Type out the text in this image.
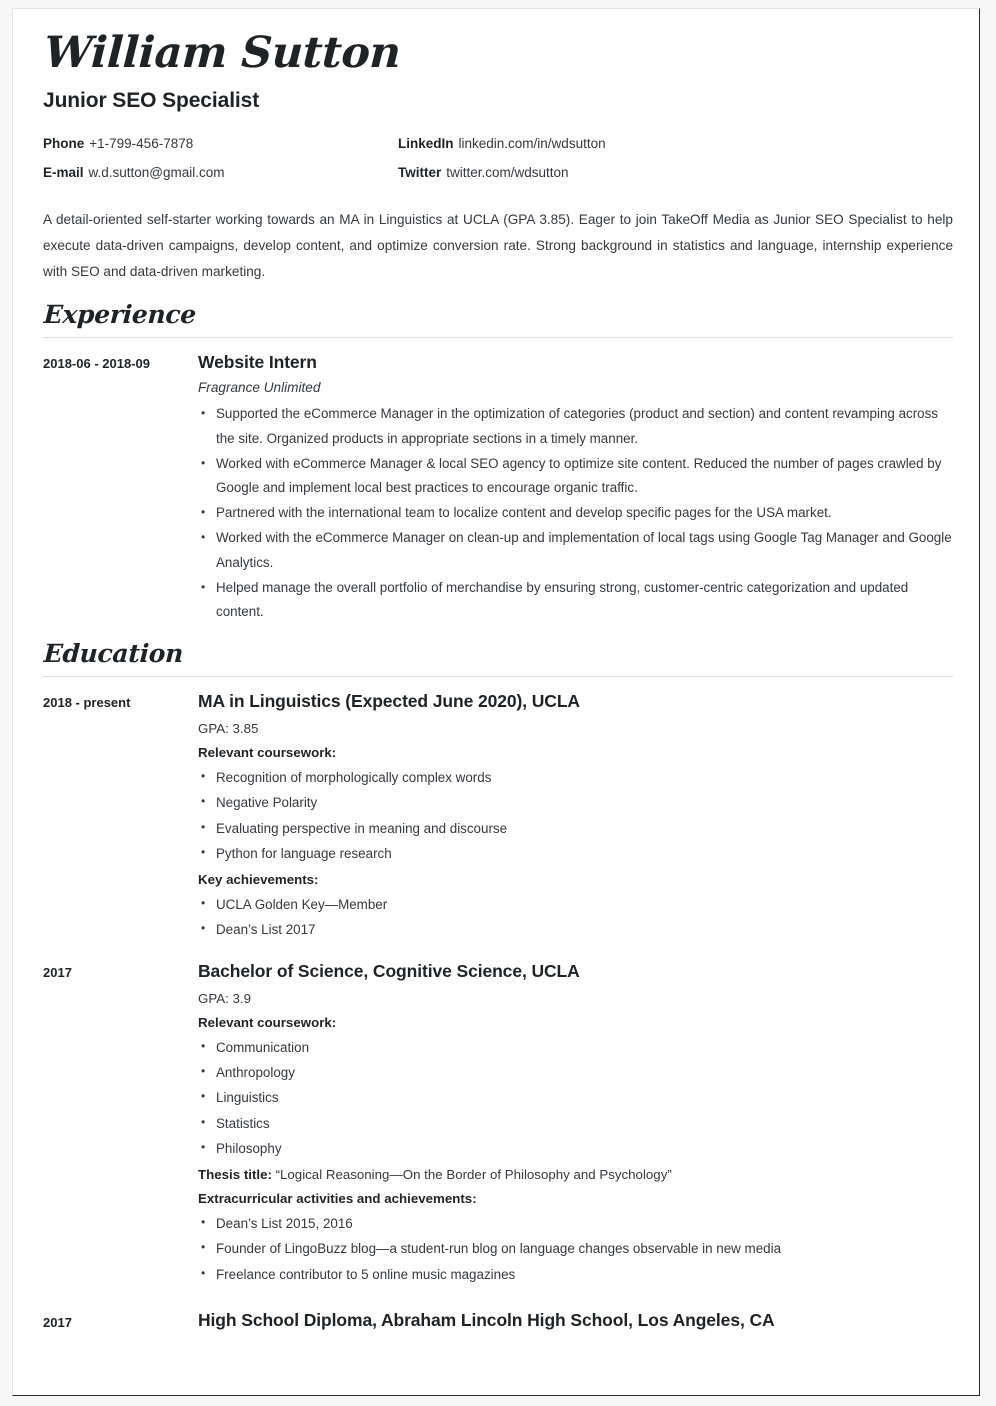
William Sutton
Junior SEO Specialist
Phone +1-799-456-7878	LinkedIn linkedin.com/in/wdsutton
E-mail w.d.sutton@gmail.com	Twitter twitter.com/wdsutton

A detail-oriented self-starter working towards an MA in Linguistics at UCLA (GPA 3.85). Eager to join TakeOff Media as Junior SEO Specialist to help execute data-driven campaigns, develop content, and optimize conversion rate. Strong background in statistics and language, internship experience with SEO and data-driven marketing.

Experience
2018-06 - 2018-09	Website Intern
Fragrance Unlimited
• Supported the eCommerce Manager in the optimization of categories (product and section) and content revamping across the site. Organized products in appropriate sections in a timely manner.
• Worked with eCommerce Manager & local SEO agency to optimize site content. Reduced the number of pages crawled by Google and implement local best practices to encourage organic traffic.
• Partnered with the international team to localize content and develop specific pages for the USA market.
• Worked with the eCommerce Manager on clean-up and implementation of local tags using Google Tag Manager and Google Analytics.
• Helped manage the overall portfolio of merchandise by ensuring strong, customer-centric categorization and updated content.
Education
2018 - present	MA in Linguistics (Expected June 2020), UCLA
GPA: 3.85
Relevant coursework:
• Recognition of morphologically complex words
• Negative Polarity
• Evaluating perspective in meaning and discourse
• Python for language research
Key achievements:
• UCLA Golden Key—Member
• Dean’s List 2017
2017	Bachelor of Science, Cognitive Science, UCLA
GPA: 3.9
Relevant coursework:
• Communication
• Anthropology
• Linguistics
• Statistics
• Philosophy
Thesis title: “Logical Reasoning—On the Border of Philosophy and Psychology”
Extracurricular activities and achievements:
• Dean’s List 2015, 2016
• Founder of LingoBuzz blog—a student-run blog on language changes observable in new media
• Freelance contributor to 5 online music magazines
2017	High School Diploma, Abraham Lincoln High School, Los Angeles, CA
